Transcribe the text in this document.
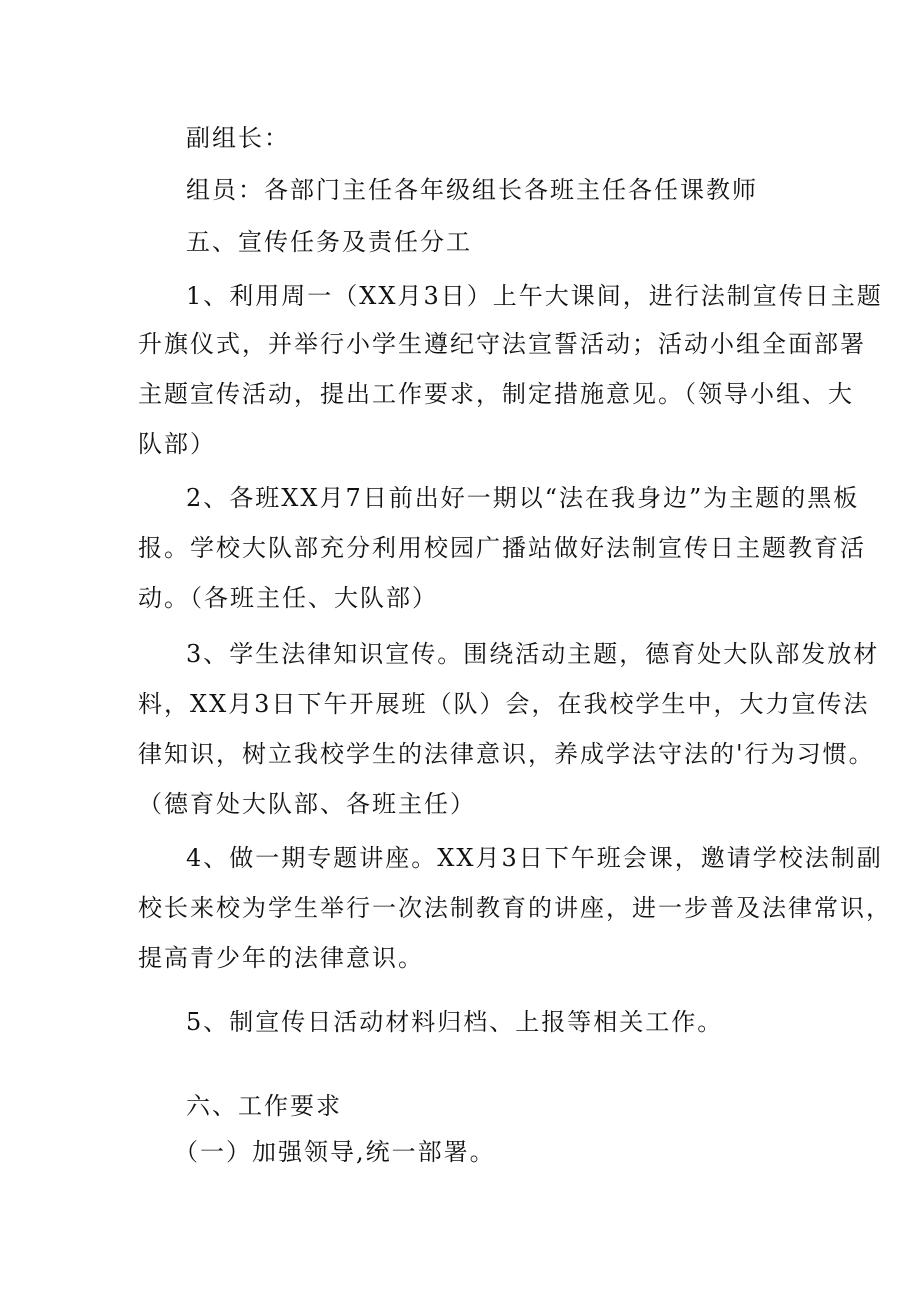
副组长：
组员：各部门主任各年级组长各班主任各任课教师
五、宣传任务及责任分工
1、利用周一（XX月3日）上午大课间，进行法制宣传日主题
升旗仪式，并举行小学生遵纪守法宣誓活动；活动小组全面部署
主题宣传活动，提出工作要求，制定措施意见。（领导小组、大
队部）
2、各班XX月7日前出好一期以“法在我身边”为主题的黑板
报。学校大队部充分利用校园广播站做好法制宣传日主题教育活
动。（各班主任、大队部）
3、学生法律知识宣传。围绕活动主题，德育处大队部发放材
料，XX月3日下午开展班（队）会，在我校学生中，大力宣传法
律知识，树立我校学生的法律意识，养成学法守法的'行为习惯。
（德育处大队部、各班主任）
4、做一期专题讲座。XX月3日下午班会课，邀请学校法制副
校长来校为学生举行一次法制教育的讲座，进一步普及法律常识，
提高青少年的法律意识。
5、制宣传日活动材料归档、上报等相关工作。
六、工作要求
（一）加强领导,统一部署。
